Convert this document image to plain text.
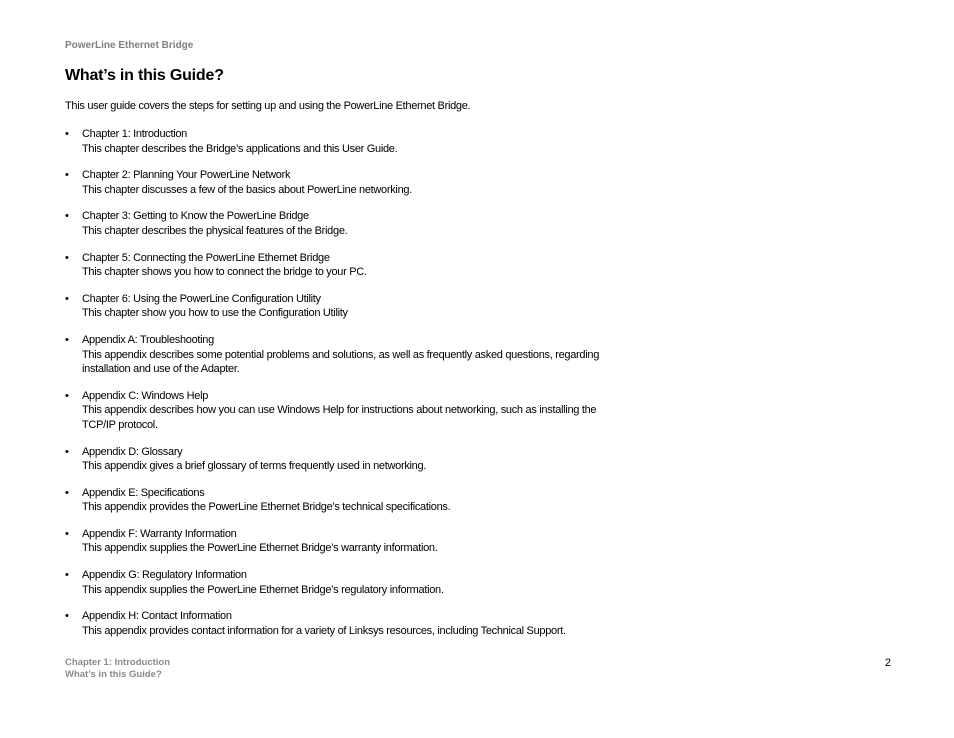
PowerLine Ethernet Bridge
What’s in this Guide?
This user guide covers the steps for setting up and using the PowerLine Ethernet Bridge.
• Chapter 1: Introduction
This chapter describes the Bridge’s applications and this User Guide.
• Chapter 2: Planning Your PowerLine Network
This chapter discusses a few of the basics about PowerLine networking.
• Chapter 3: Getting to Know the PowerLine Bridge
This chapter describes the physical features of the Bridge.
• Chapter 5: Connecting the PowerLine Ethernet Bridge
This chapter shows you how to connect the bridge to your PC.
• Chapter 6: Using the PowerLine Configuration Utility
This chapter show you how to use the Configuration Utility
• Appendix A: Troubleshooting
This appendix describes some potential problems and solutions, as well as frequently asked questions, regarding installation and use of the Adapter.
• Appendix C: Windows Help
This appendix describes how you can use Windows Help for instructions about networking, such as installing the TCP/IP protocol.
• Appendix D: Glossary
This appendix gives a brief glossary of terms frequently used in networking.
• Appendix E: Specifications
This appendix provides the PowerLine Ethernet Bridge’s technical specifications.
• Appendix F: Warranty Information
This appendix supplies the PowerLine Ethernet Bridge’s warranty information.
• Appendix G: Regulatory Information
This appendix supplies the PowerLine Ethernet Bridge’s regulatory information.
• Appendix H: Contact Information
This appendix provides contact information for a variety of Linksys resources, including Technical Support.
Chapter 1: Introduction
What’s in this Guide?
2
